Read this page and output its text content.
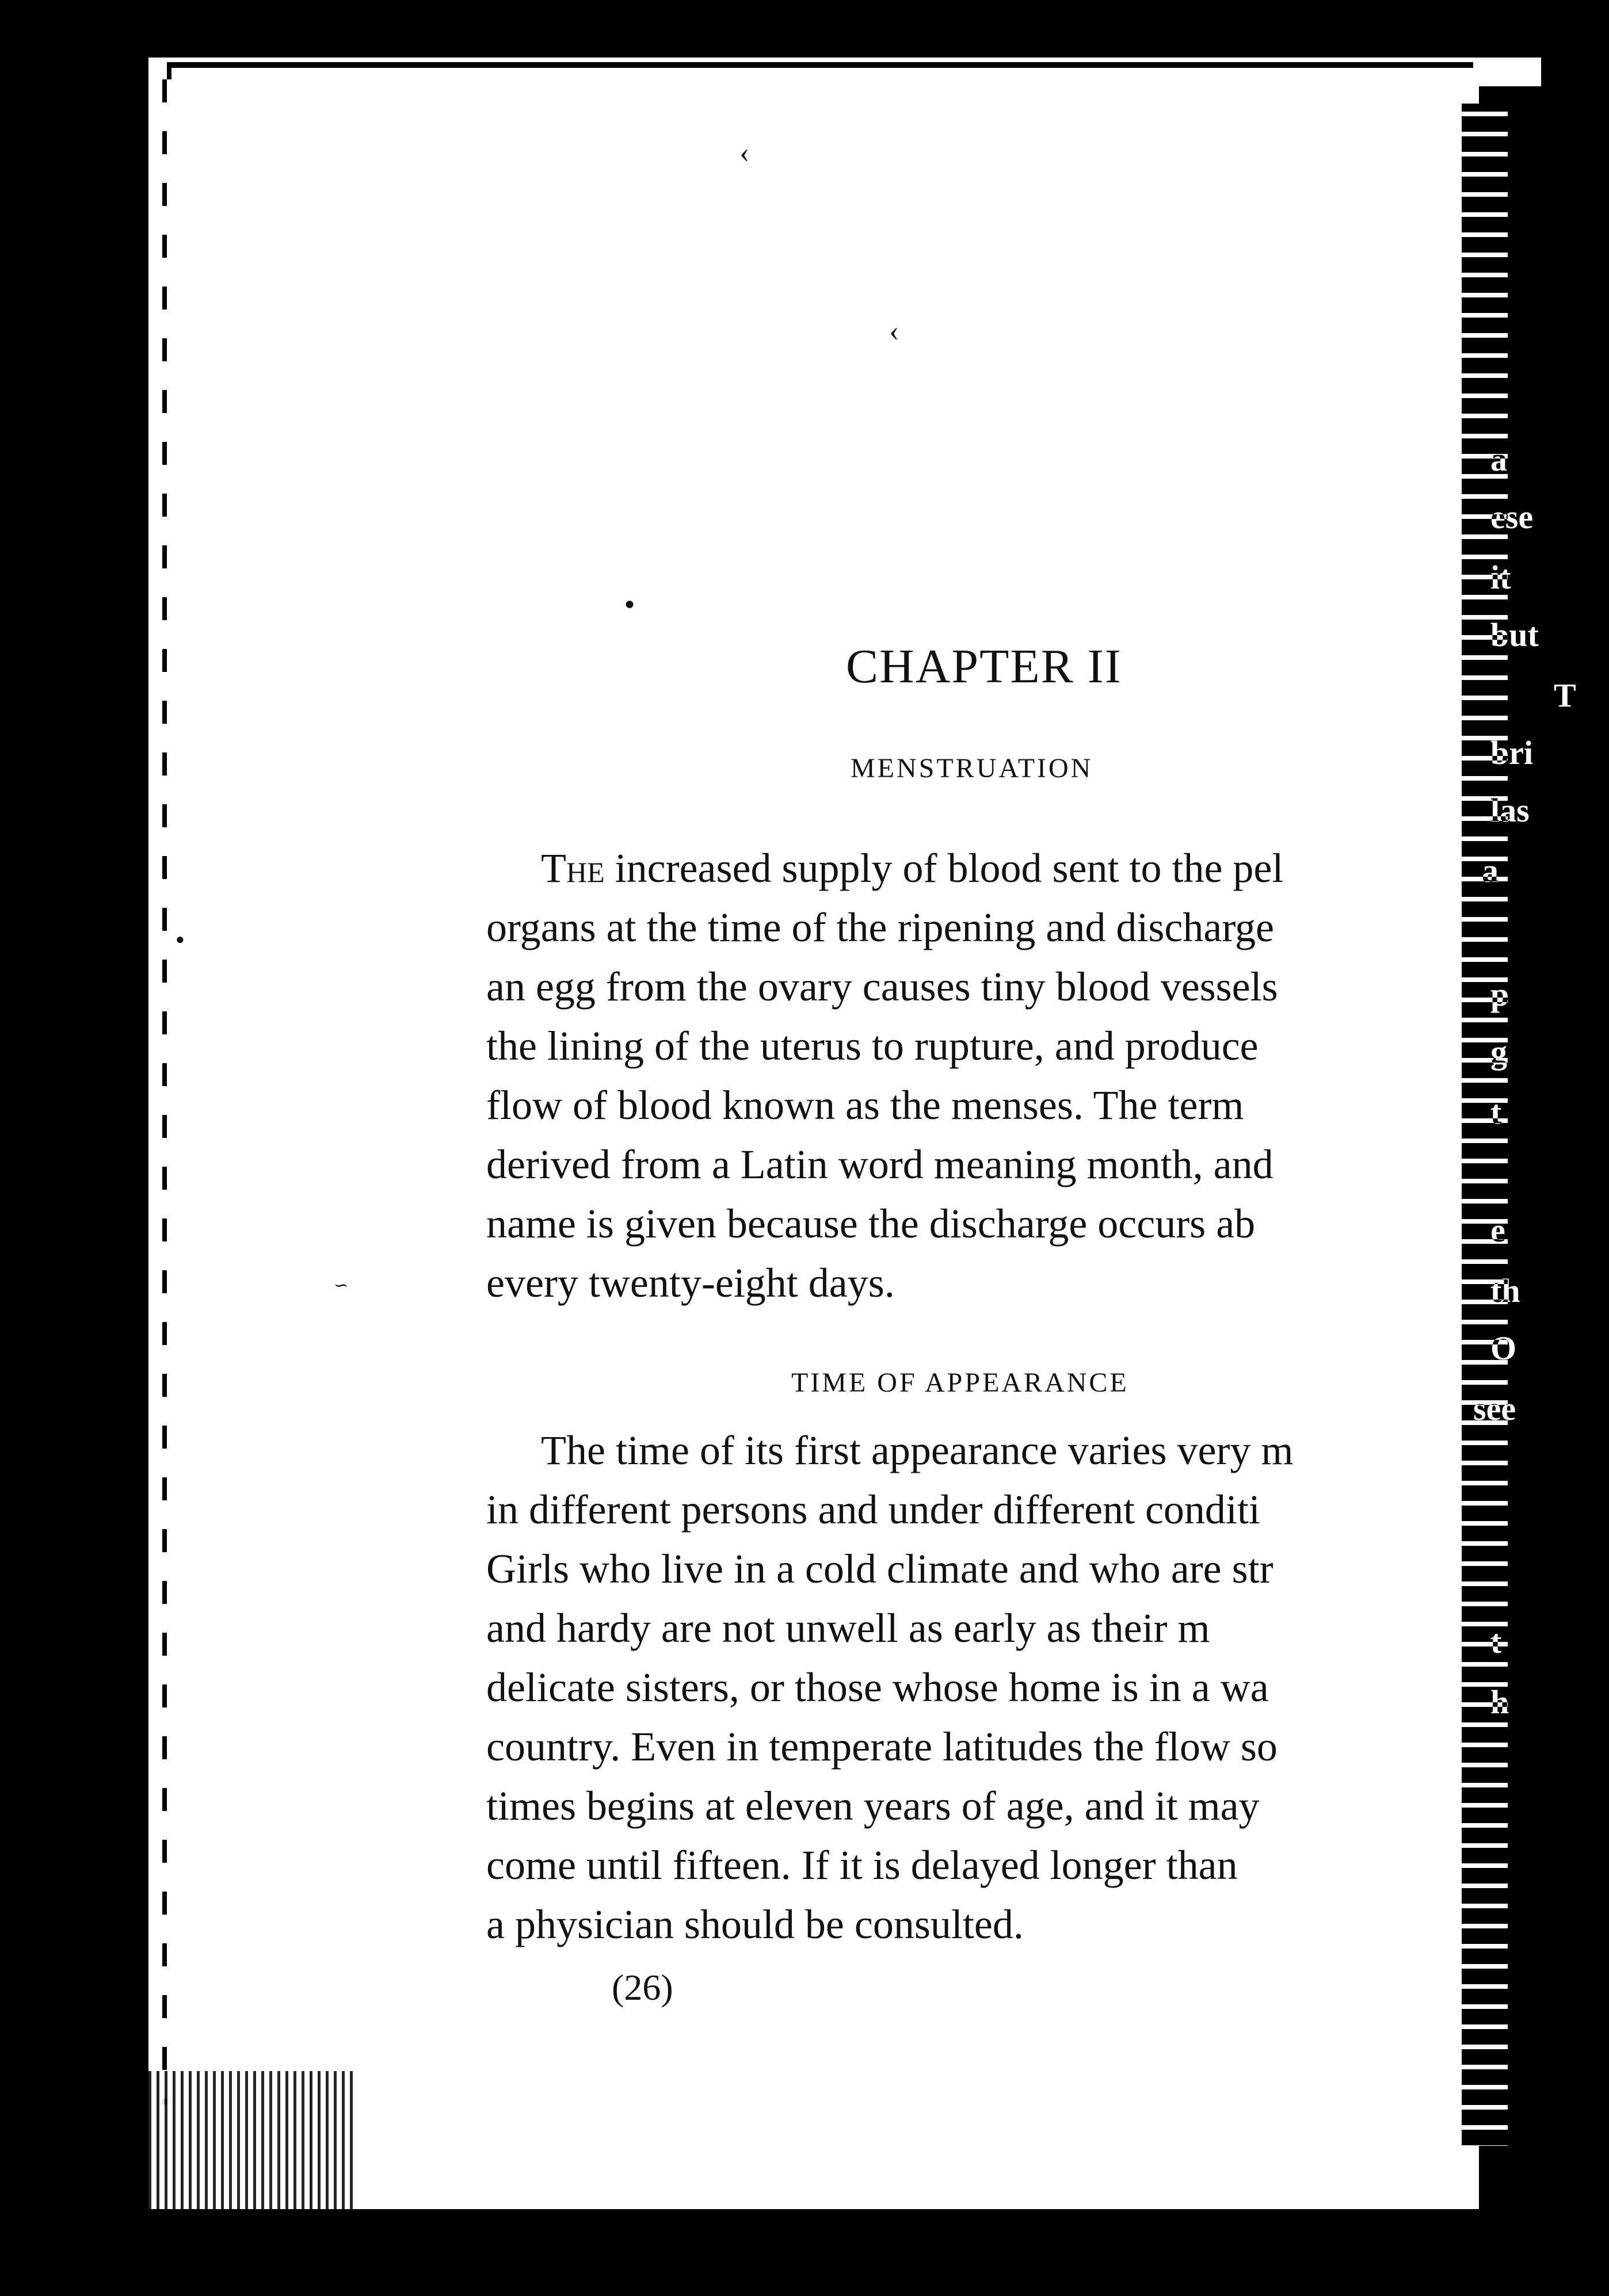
a
ese
it
but
T
bri
las
a
p
g
t
e
th
O
see
t
h
‹
‹
●
●
∽
CHAPTER II
MENSTRUATION
The increased supply of blood sent to the pel
organs at the time of the ripening and discharge
an egg from the ovary causes tiny blood vessels
the lining of the uterus to rupture, and produce
flow of blood known as the menses. The term
derived from a Latin word meaning month, and
name is given because the discharge occurs ab
every twenty-eight days.
TIME OF APPEARANCE
The time of its first appearance varies very m
in different persons and under different conditi
Girls who live in a cold climate and who are str
and hardy are not unwell as early as their m
delicate sisters, or those whose home is in a wa
country. Even in temperate latitudes the flow so
times begins at eleven years of age, and it may
come until fifteen. If it is delayed longer than
a physician should be consulted.
(26)
